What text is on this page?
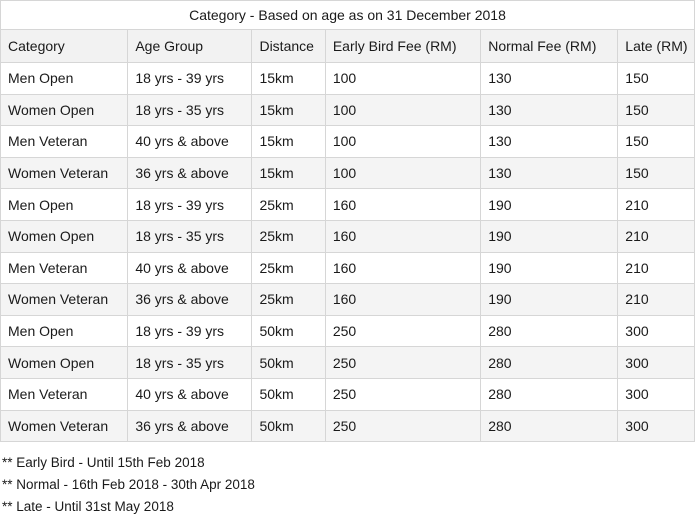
Category - Based on age as on 31 December 2018					
Category	Age Group	Distance	Early Bird Fee (RM)	Normal Fee (RM)	Late (RM)
Men Open	18 yrs - 39 yrs	15km	100	130	150
Women Open	18 yrs - 35 yrs	15km	100	130	150
Men Veteran	40 yrs & above	15km	100	130	150
Women Veteran	36 yrs & above	15km	100	130	150
Men Open	18 yrs - 39 yrs	25km	160	190	210
Women Open	18 yrs - 35 yrs	25km	160	190	210
Men Veteran	40 yrs & above	25km	160	190	210
Women Veteran	36 yrs & above	25km	160	190	210
Men Open	18 yrs - 39 yrs	50km	250	280	300
Women Open	18 yrs - 35 yrs	50km	250	280	300
Men Veteran	40 yrs & above	50km	250	280	300
Women Veteran	36 yrs & above	50km	250	280	300
** Early Bird - Until 15th Feb 2018
** Normal - 16th Feb 2018 - 30th Apr 2018
** Late - Until 31st May 2018
